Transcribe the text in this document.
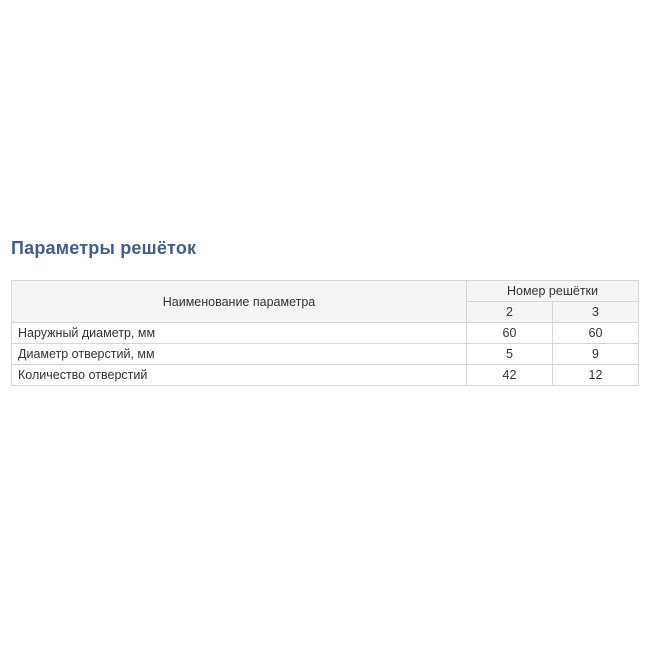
Параметры решёток
Наименование параметра	Номер решётки	
	2	3
Наружный диаметр, мм	60	60
Диаметр отверстий, мм	5	9
Количество отверстий	42	12
